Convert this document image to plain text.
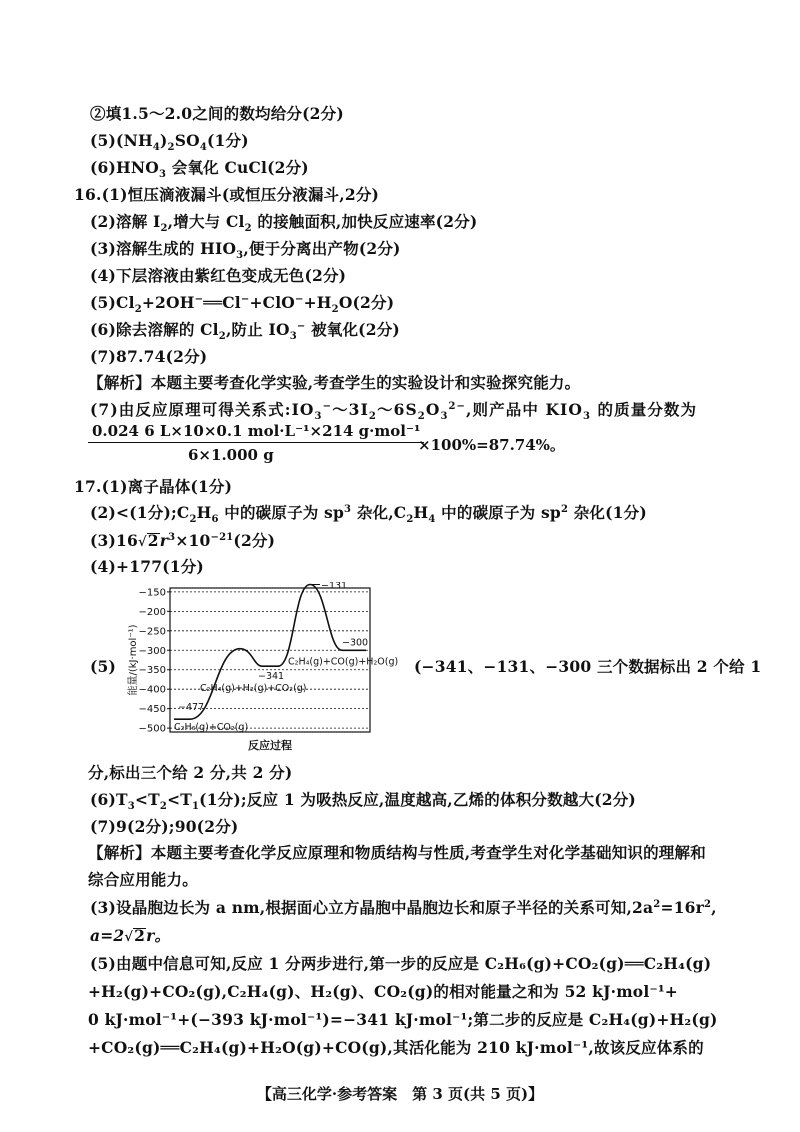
②填1.5～2.0之间的数均给分(2分)
$(5)(NH_4)_2SO_4(1$分)
$(6)HNO_3$ 会氧化 CuCl(2分)
16.(1)恒压滴液漏斗(或恒压分液漏斗,2分)
(2)溶解 $I_2$,增大与 $Cl_2$ 的接触面积,加快反应速率(2分)
(3)溶解生成的 $HIO_3$,便于分离出产物(2分)
(4)下层溶液由紫红色变成无色(2分)
$(5)Cl_2+2OH^-══Cl^-+ClO^-+H_2O(2$分)
(6)除去溶解的 $Cl_2$,防止 $IO_3^-$ 被氧化(2分)
(7)87.74(2分)
【解析】本题主要考查化学实验,考查学生的实验设计和实验探究能力。
(7)由反应原理可得关系式$:IO_3^-\sim 3I_2\sim 6S_2O_3^{2-}$,则产品中 $KIO_3$ 的质量分数为
0.024 6 L×10×0.1 mol·L⁻¹×214 g·mol⁻¹
6×1.000 g
×100%=87.74%。
17.(1)离子晶体(1分)
(2)<(1分)$;C_2H_6$ 中的碳原子为 $sp^3$ 杂化$,C_2H_4$ 中的碳原子为 $sp^2$ 杂化(1分)
$(3)16√2r^3\times 10^{-21}(2$分)
(4)+177(1分)
(5)
−150
−200
−250
−300
−350
−400
−450
−500
能量/(kJ·mol⁻¹)
反应过程
−477
C₂H₆(g)+CO₂(g)
−341
C₂H₄(g)+H₂(g)+CO₂(g)
−300
C₂H₄(g)+CO(g)+H₂O(g)
−131
(−341、−131、−300 三个数据标出 2 个给 1
分,标出三个给 2 分,共 2 分)
$(6)T_3<T_2<T_1(1$分);反应 1 为吸热反应,温度越高,乙烯的体积分数越大(2分)
(7)9(2分);90(2分)
【解析】本题主要考查化学反应原理和物质结构与性质,考查学生对化学基础知识的理解和
综合应用能力。
(3)设晶胞边长为 a nm,根据面心立方晶胞中晶胞边长和原子半径的关系可知$,2a^2=16r^2$,
a=2√2r。
(5)由题中信息可知,反应 1 分两步进行,第一步的反应是 C₂H₆(g)+CO₂(g)══C₂H₄(g)
+H₂(g)+CO₂(g),C₂H₄(g)、H₂(g)、CO₂(g)的相对能量之和为 52 kJ·mol⁻¹+
0 kJ·mol⁻¹+(−393 kJ·mol⁻¹)=−341 kJ·mol⁻¹;第二步的反应是 C₂H₄(g)+H₂(g)
+CO₂(g)══C₂H₄(g)+H₂O(g)+CO(g),其活化能为 210 kJ·mol⁻¹,故该反应体系的
【高三化学·参考答案　第 3 页(共 5 页)】
